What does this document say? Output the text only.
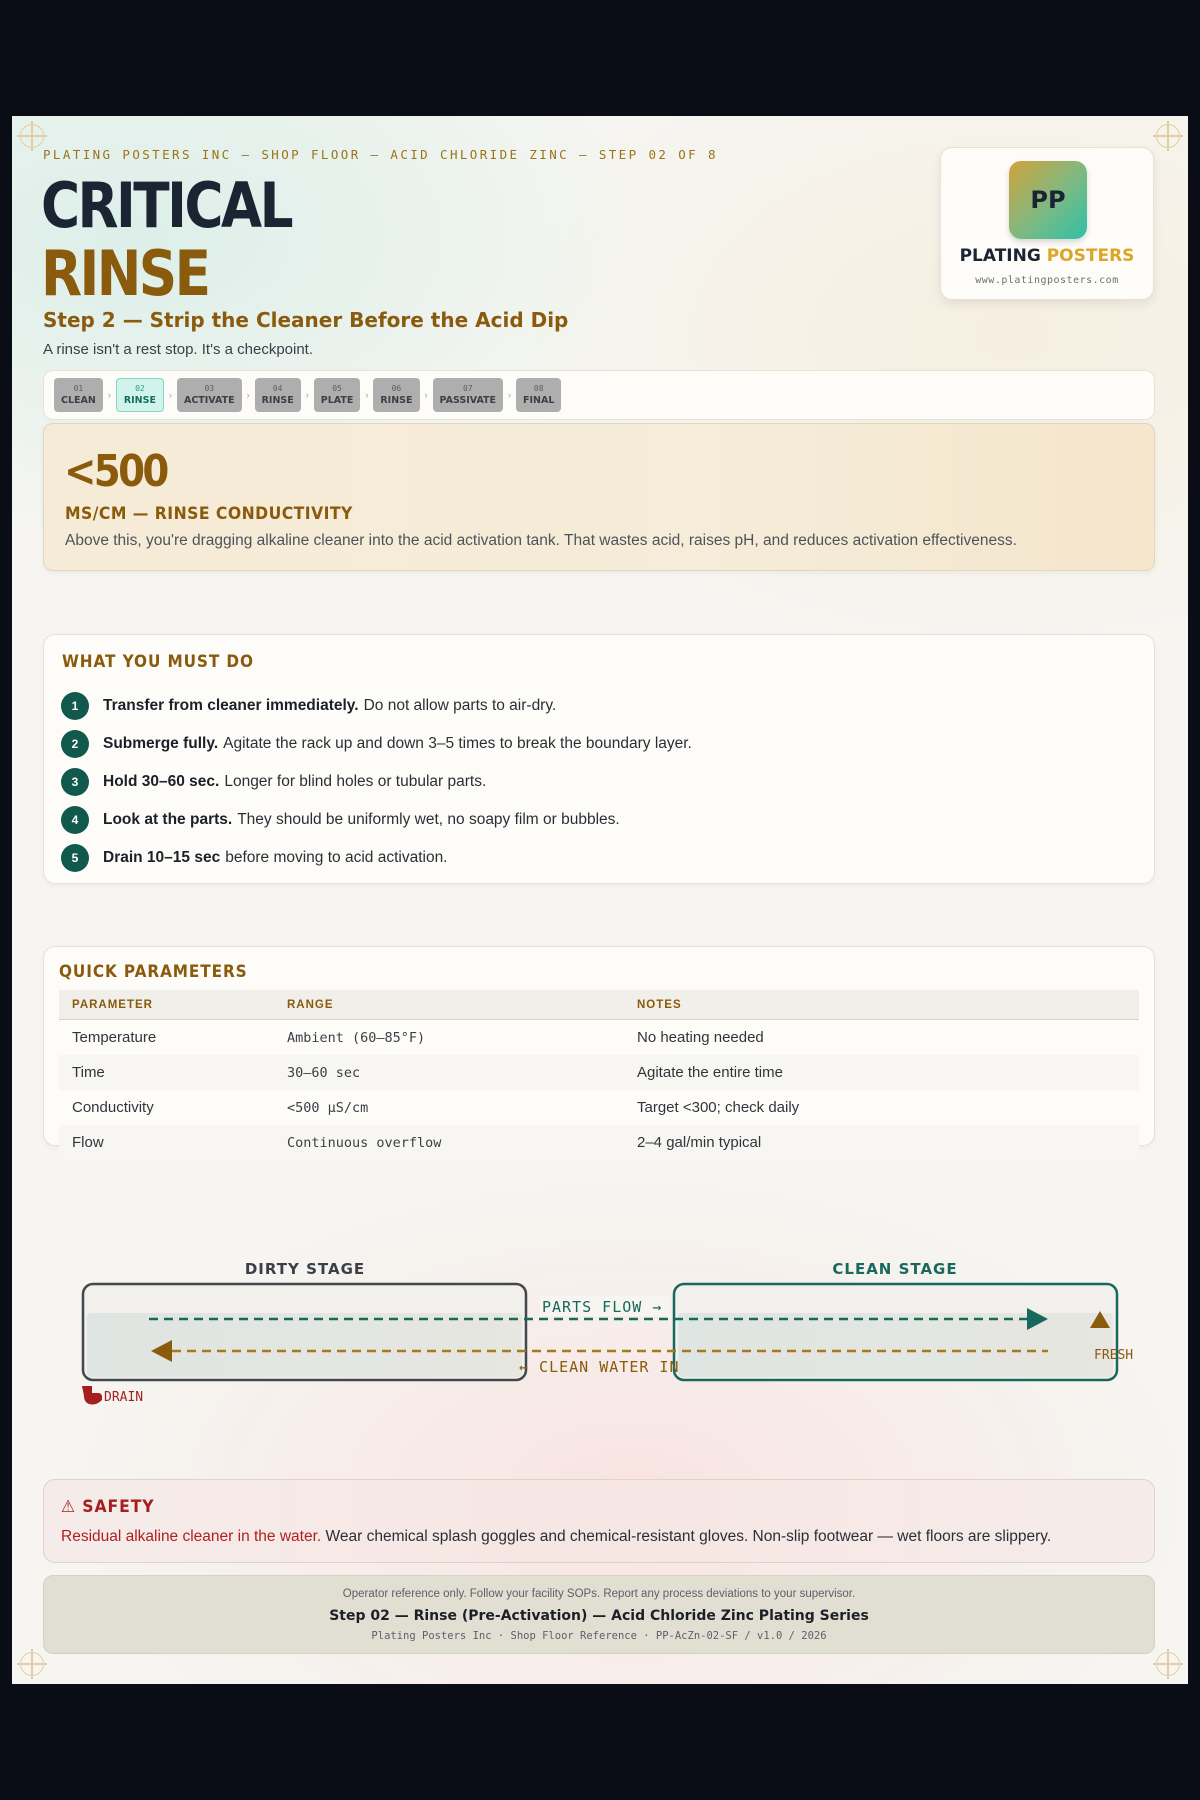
PLATING POSTERS INC — SHOP FLOOR — ACID CHLORIDE ZINC — STEP 02 OF 8
CRITICAL
RINSE
Step 2 — Strip the Cleaner Before the Acid Dip
A rinse isn't a rest stop. It's a checkpoint.
PP
PLATING POSTERS
www.platingposters.com
01
CLEAN	›
02
RINSE	›
03
ACTIVATE	›
04
RINSE	›
05
PLATE	›
06
RINSE	›
07
PASSIVATE	›
08
FINAL
<500
MS/CM — RINSE CONDUCTIVITY
Above this, you're dragging alkaline cleaner into the acid activation tank. That wastes acid, raises pH, and reduces activation effectiveness.
WHAT YOU MUST DO
1	Transfer from cleaner immediately. Do not allow parts to air-dry.
2	Submerge fully. Agitate the rack up and down 3–5 times to break the boundary layer.
3	Hold 30–60 sec. Longer for blind holes or tubular parts.
4	Look at the parts. They should be uniformly wet, no soapy film or bubbles.
5	Drain 10–15 sec before moving to acid activation.
QUICK PARAMETERS
PARAMETER	RANGE	NOTES
Temperature	Ambient (60–85°F)	No heating needed
Time	30–60 sec	Agitate the entire time
Conductivity	<500 µS/cm	Target <300; check daily
Flow	Continuous overflow	2–4 gal/min typical
DIRTY STAGE	CLEAN STAGE
PARTS FLOW →
← CLEAN WATER IN
FRESH
DRAIN
⚠ SAFETY
Residual alkaline cleaner in the water. Wear chemical splash goggles and chemical-resistant gloves. Non-slip footwear — wet floors are slippery.
Operator reference only. Follow your facility SOPs. Report any process deviations to your supervisor.
Step 02 — Rinse (Pre-Activation) — Acid Chloride Zinc Plating Series
Plating Posters Inc · Shop Floor Reference · PP-AcZn-02-SF / v1.0 / 2026
